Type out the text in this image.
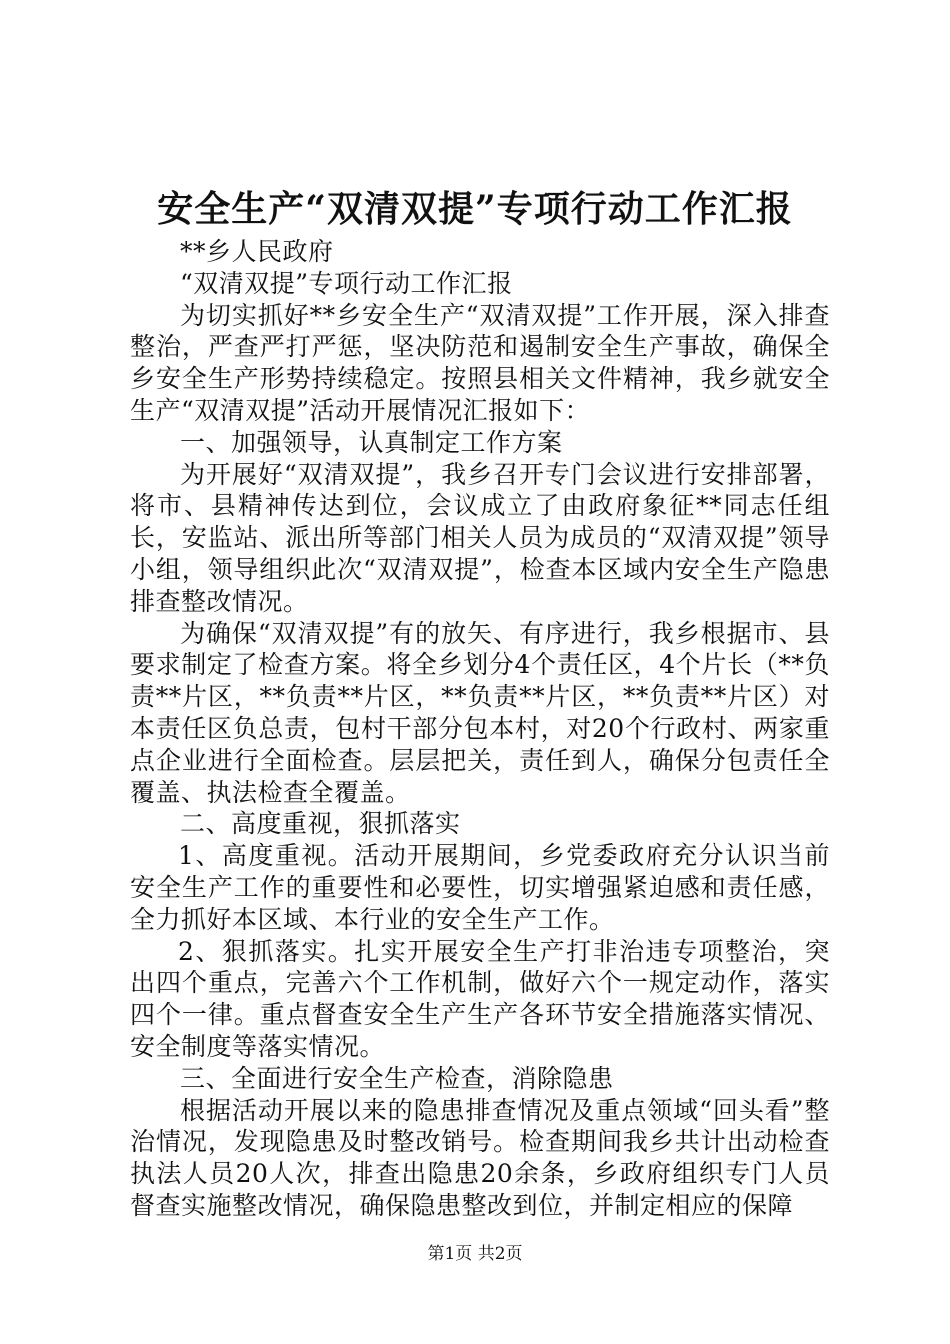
安全生产“双清双提”专项行动工作汇报

**乡人民政府

“双清双提”专项行动工作汇报

为切实抓好**乡安全生产“双清双提”工作开展，深入排查整治，严查严打严惩，坚决防范和遏制安全生产事故，确保全乡安全生产形势持续稳定。按照县相关文件精神，我乡就安全生产“双清双提”活动开展情况汇报如下：

一、加强领导，认真制定工作方案

为开展好“双清双提”，我乡召开专门会议进行安排部署，将市、县精神传达到位，会议成立了由政府象征**同志任组长，安监站、派出所等部门相关人员为成员的“双清双提”领导小组，领导组织此次“双清双提”，检查本区域内安全生产隐患排查整改情况。

为确保“双清双提”有的放矢、有序进行，我乡根据市、县要求制定了检查方案。将全乡划分4个责任区，4个片长（**负责**片区，**负责**片区，**负责**片区，**负责**片区）对本责任区负总责，包村干部分包本村，对20个行政村、两家重点企业进行全面检查。层层把关，责任到人，确保分包责任全覆盖、执法检查全覆盖。

二、高度重视，狠抓落实

1、高度重视。活动开展期间，乡党委政府充分认识当前安全生产工作的重要性和必要性，切实增强紧迫感和责任感，全力抓好本区域、本行业的安全生产工作。

2、狠抓落实。扎实开展安全生产打非治违专项整治，突出四个重点，完善六个工作机制，做好六个一规定动作，落实四个一律。重点督查安全生产生产各环节安全措施落实情况、安全制度等落实情况。

三、全面进行安全生产检查，消除隐患

根据活动开展以来的隐患排查情况及重点领域“回头看”整治情况，发现隐患及时整改销号。检查期间我乡共计出动检查执法人员20人次，排查出隐患20余条，乡政府组织专门人员督查实施整改情况，确保隐患整改到位，并制定相应的保障

第1页 共2页
